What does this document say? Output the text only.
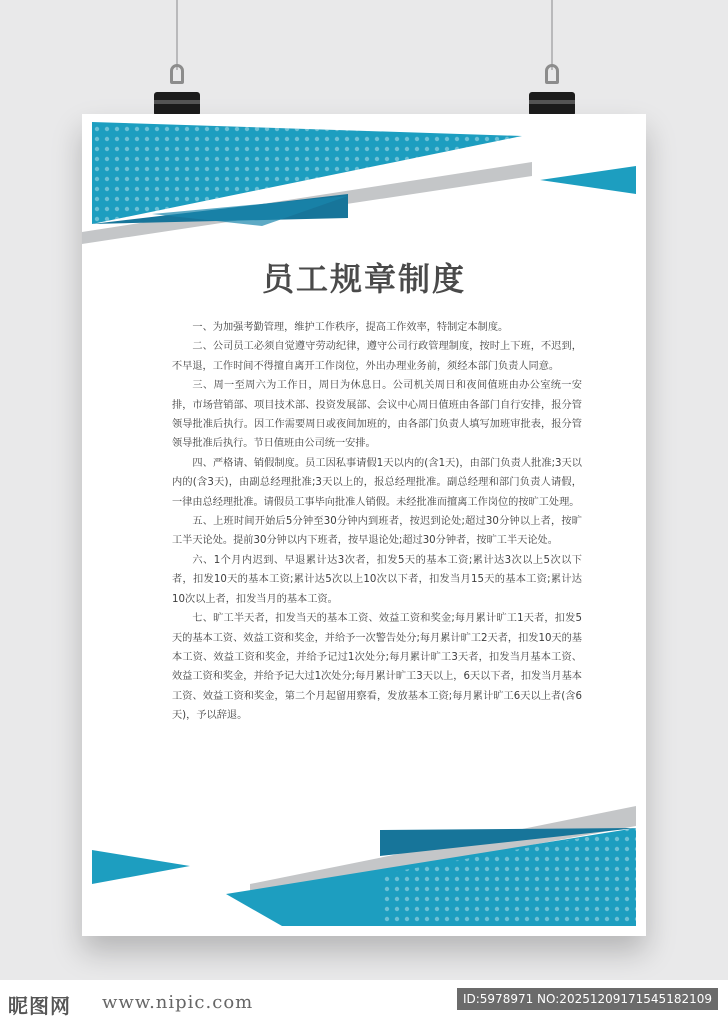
员工规章制度

一、为加强考勤管理，维护工作秩序，提高工作效率，特制定本制度。

二、公司员工必须自觉遵守劳动纪律，遵守公司行政管理制度，按时上下班，不迟到，不早退，工作时间不得擅自离开工作岗位，外出办理业务前，须经本部门负责人同意。

三、周一至周六为工作日，周日为休息日。公司机关周日和夜间值班由办公室统一安排，市场营销部、项目技术部、投资发展部、会议中心周日值班由各部门自行安排，报分管领导批准后执行。因工作需要周日或夜间加班的，由各部门负责人填写加班审批表，报分管领导批准后执行。节日值班由公司统一安排。

四、严格请、销假制度。员工因私事请假1天以内的(含1天)，由部门负责人批准;3天以内的(含3天)，由副总经理批准;3天以上的，报总经理批准。副总经理和部门负责人请假，一律由总经理批准。请假员工事毕向批准人销假。未经批准而擅离工作岗位的按旷工处理。

五、上班时间开始后5分钟至30分钟内到班者，按迟到论处;超过30分钟以上者，按旷工半天论处。提前30分钟以内下班者，按早退论处;超过30分钟者，按旷工半天论处。

六、1个月内迟到、早退累计达3次者，扣发5天的基本工资;累计达3次以上5次以下者，扣发10天的基本工资;累计达5次以上10次以下者，扣发当月15天的基本工资;累计达10次以上者，扣发当月的基本工资。

七、旷工半天者，扣发当天的基本工资、效益工资和奖金;每月累计旷工1天者，扣发5天的基本工资、效益工资和奖金，并给予一次警告处分;每月累计旷工2天者，扣发10天的基本工资、效益工资和奖金，并给予记过1次处分;每月累计旷工3天者，扣发当月基本工资、效益工资和奖金，并给予记大过1次处分;每月累计旷工3天以上，6天以下者，扣发当月基本工资、效益工资和奖金，第二个月起留用察看，发放基本工资;每月累计旷工6天以上者(含6天)，予以辞退。

昵图网 www.nipic.com	ID:5978971 NO:20251209171545182109
